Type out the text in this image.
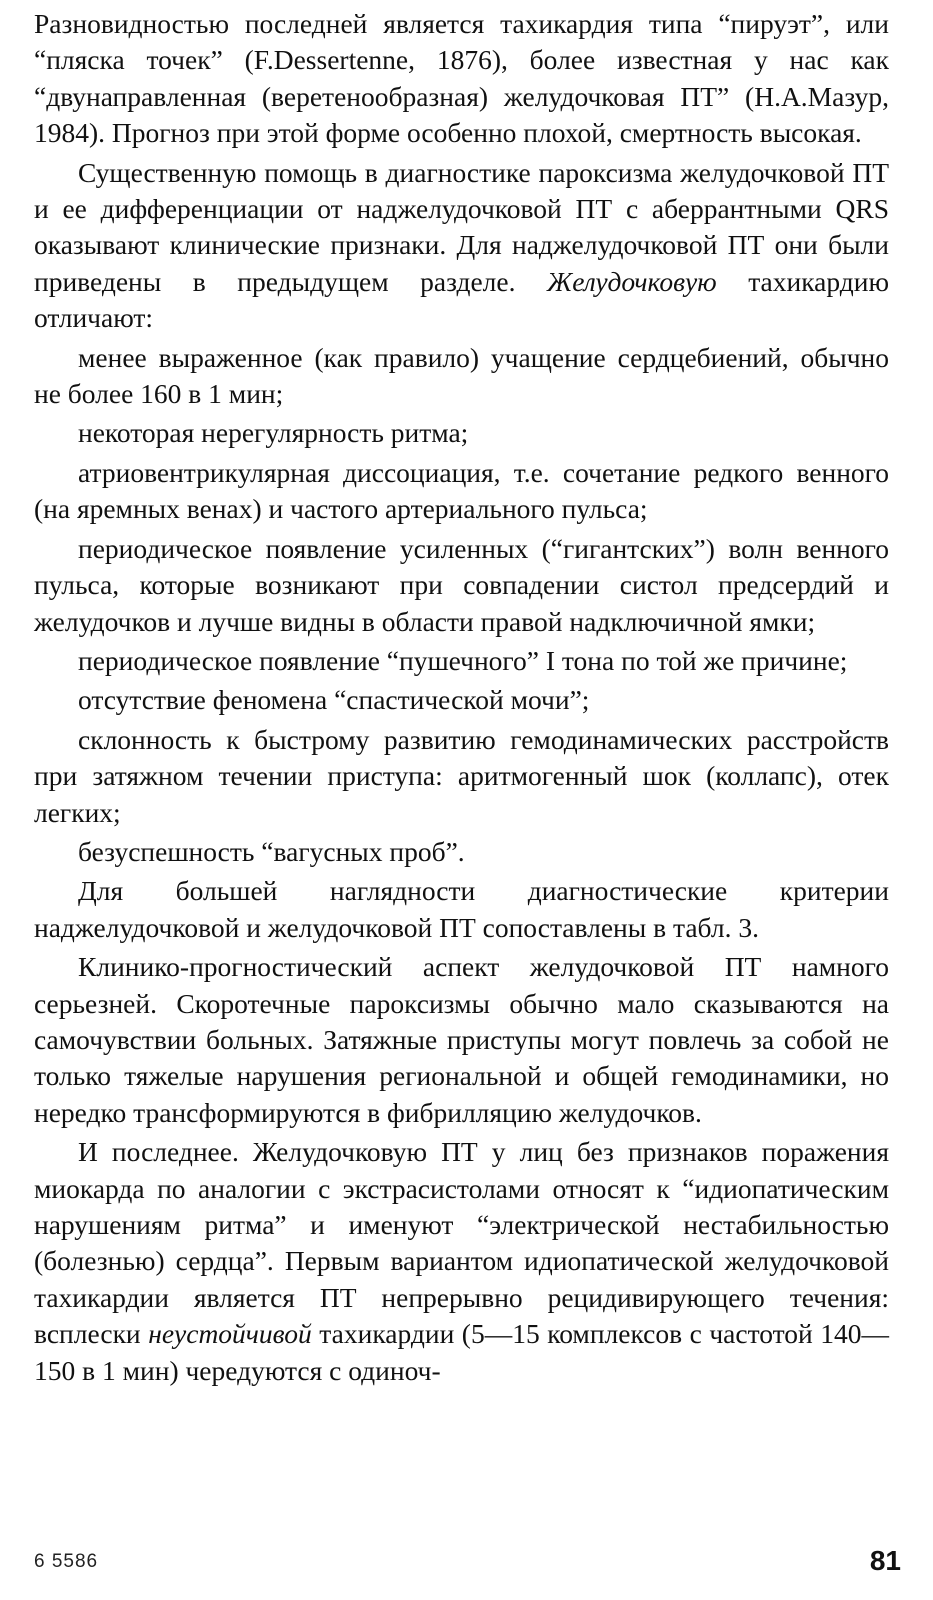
Разновидностью последней является тахикардия типа “пируэт”, или “пляска точек” (F.Dessertenne, 1876), более известная у нас как “двунаправленная (веретенообразная) желудочковая ПТ” (Н.А.Мазур, 1984). Прогноз при этой форме особенно плохой, смертность высокая.

Существенную помощь в диагностике пароксизма желудочковой ПТ и ее дифференциации от наджелудочковой ПТ с аберрантными QRS оказывают клинические признаки. Для наджелудочковой ПТ они были приведены в предыдущем разделе. Желудочковую тахикардию отличают:

менее выраженное (как правило) учащение сердцебиений, обычно не более 160 в 1 мин;

некоторая нерегулярность ритма;

атриовентрикулярная диссоциация, т.е. сочетание редкого венного (на яремных венах) и частого артериального пульса;

периодическое появление усиленных (“гигантских”) волн венного пульса, которые возникают при совпадении систол предсердий и желудочков и лучше видны в области правой надключичной ямки;

периодическое появление “пушечного” I тона по той же причине;

отсутствие феномена “спастической мочи”;

склонность к быстрому развитию гемодинамических расстройств при затяжном течении приступа: аритмогенный шок (коллапс), отек легких;

безуспешность “вагусных проб”.

Для большей наглядности диагностические критерии наджелудочковой и желудочковой ПТ сопоставлены в табл. 3.

Клинико-прогностический аспект желудочковой ПТ намного серьезней. Скоротечные пароксизмы обычно мало сказываются на самочувствии больных. Затяжные приступы могут повлечь за собой не только тяжелые нарушения региональной и общей гемодинамики, но нередко трансформируются в фибрилляцию желудочков.

И последнее. Желудочковую ПТ у лиц без признаков поражения миокарда по аналогии с экстрасистолами относят к “идиопатическим нарушениям ритма” и именуют “электрической нестабильностью (болезнью) сердца”. Первым вариантом идиопатической желудочковой тахикардии является ПТ непрерывно рецидивирующего течения: всплески неустойчивой тахикардии (5—15 комплексов с частотой 140—150 в 1 мин) чередуются с одиноч-

6 5586	81
